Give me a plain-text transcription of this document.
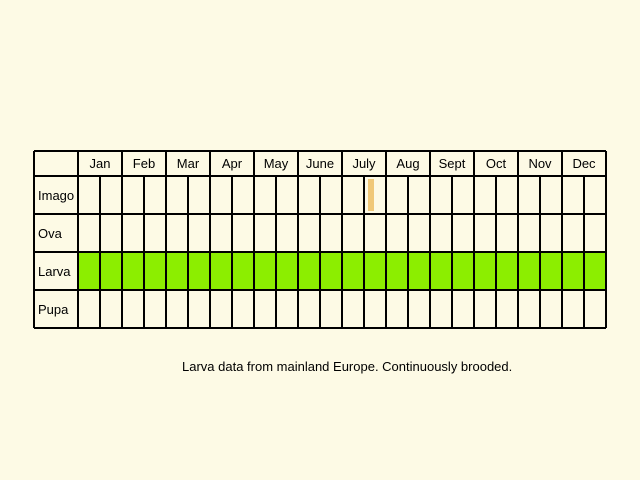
Jan Feb Mar Apr May June July Aug Sept Oct Nov Dec
Imago
Ova
Larva
Pupa
Larva data from mainland Europe. Continuously brooded.
